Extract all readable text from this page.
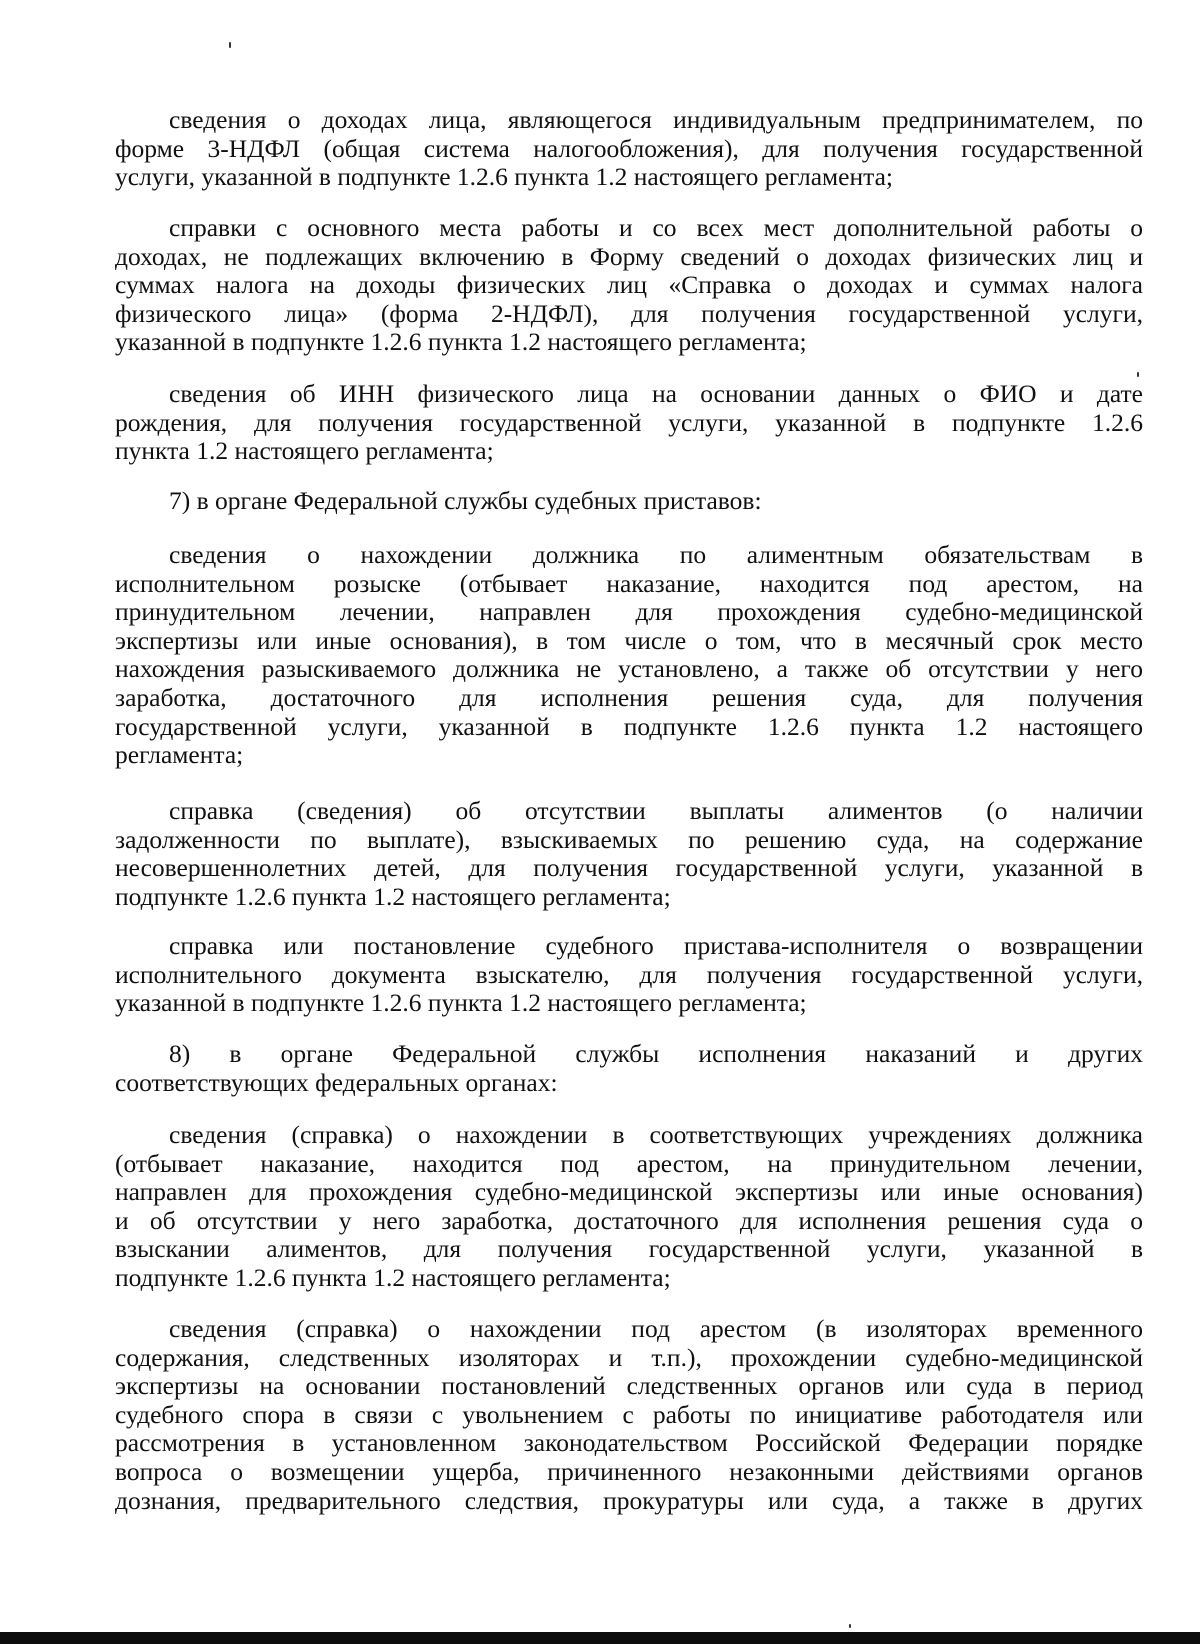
сведения о доходах лица, являющегося индивидуальным предпринимателем, по
форме 3-НДФЛ (общая система налогообложения), для получения государственной
услуги, указанной в подпункте 1.2.6 пункта 1.2 настоящего регламента;
справки с основного места работы и со всех мест дополнительной работы о
доходах, не подлежащих включению в Форму сведений о доходах физических лиц и
суммах налога на доходы физических лиц «Справка о доходах и суммах налога
физического лица» (форма 2-НДФЛ), для получения государственной услуги,
указанной в подпункте 1.2.6 пункта 1.2 настоящего регламента;
сведения об ИНН физического лица на основании данных о ФИО и дате
рождения, для получения государственной услуги, указанной в подпункте 1.2.6
пункта 1.2 настоящего регламента;
7) в органе Федеральной службы судебных приставов:
сведения о нахождении должника по алиментным обязательствам в
исполнительном розыске (отбывает наказание, находится под арестом, на
принудительном лечении, направлен для прохождения судебно-медицинской
экспертизы или иные основания), в том числе о том, что в месячный срок место
нахождения разыскиваемого должника не установлено, а также об отсутствии у него
заработка, достаточного для исполнения решения суда, для получения
государственной услуги, указанной в подпункте 1.2.6 пункта 1.2 настоящего
регламента;
справка (сведения) об отсутствии выплаты алиментов (о наличии
задолженности по выплате), взыскиваемых по решению суда, на содержание
несовершеннолетних детей, для получения государственной услуги, указанной в
подпункте 1.2.6 пункта 1.2 настоящего регламента;
справка или постановление судебного пристава-исполнителя о возвращении
исполнительного документа взыскателю, для получения государственной услуги,
указанной в подпункте 1.2.6 пункта 1.2 настоящего регламента;
8) в органе Федеральной службы исполнения наказаний и других
соответствующих федеральных органах:
сведения (справка) о нахождении в соответствующих учреждениях должника
(отбывает наказание, находится под арестом, на принудительном лечении,
направлен для прохождения судебно-медицинской экспертизы или иные основания)
и об отсутствии у него заработка, достаточного для исполнения решения суда о
взыскании алиментов, для получения государственной услуги, указанной в
подпункте 1.2.6 пункта 1.2 настоящего регламента;
сведения (справка) о нахождении под арестом (в изоляторах временного
содержания, следственных изоляторах и т.п.), прохождении судебно-медицинской
экспертизы на основании постановлений следственных органов или суда в период
судебного спора в связи с увольнением с работы по инициативе работодателя или
рассмотрения в установленном законодательством Российской Федерации порядке
вопроса о возмещении ущерба, причиненного незаконными действиями органов
дознания, предварительного следствия, прокуратуры или суда, а также в других
